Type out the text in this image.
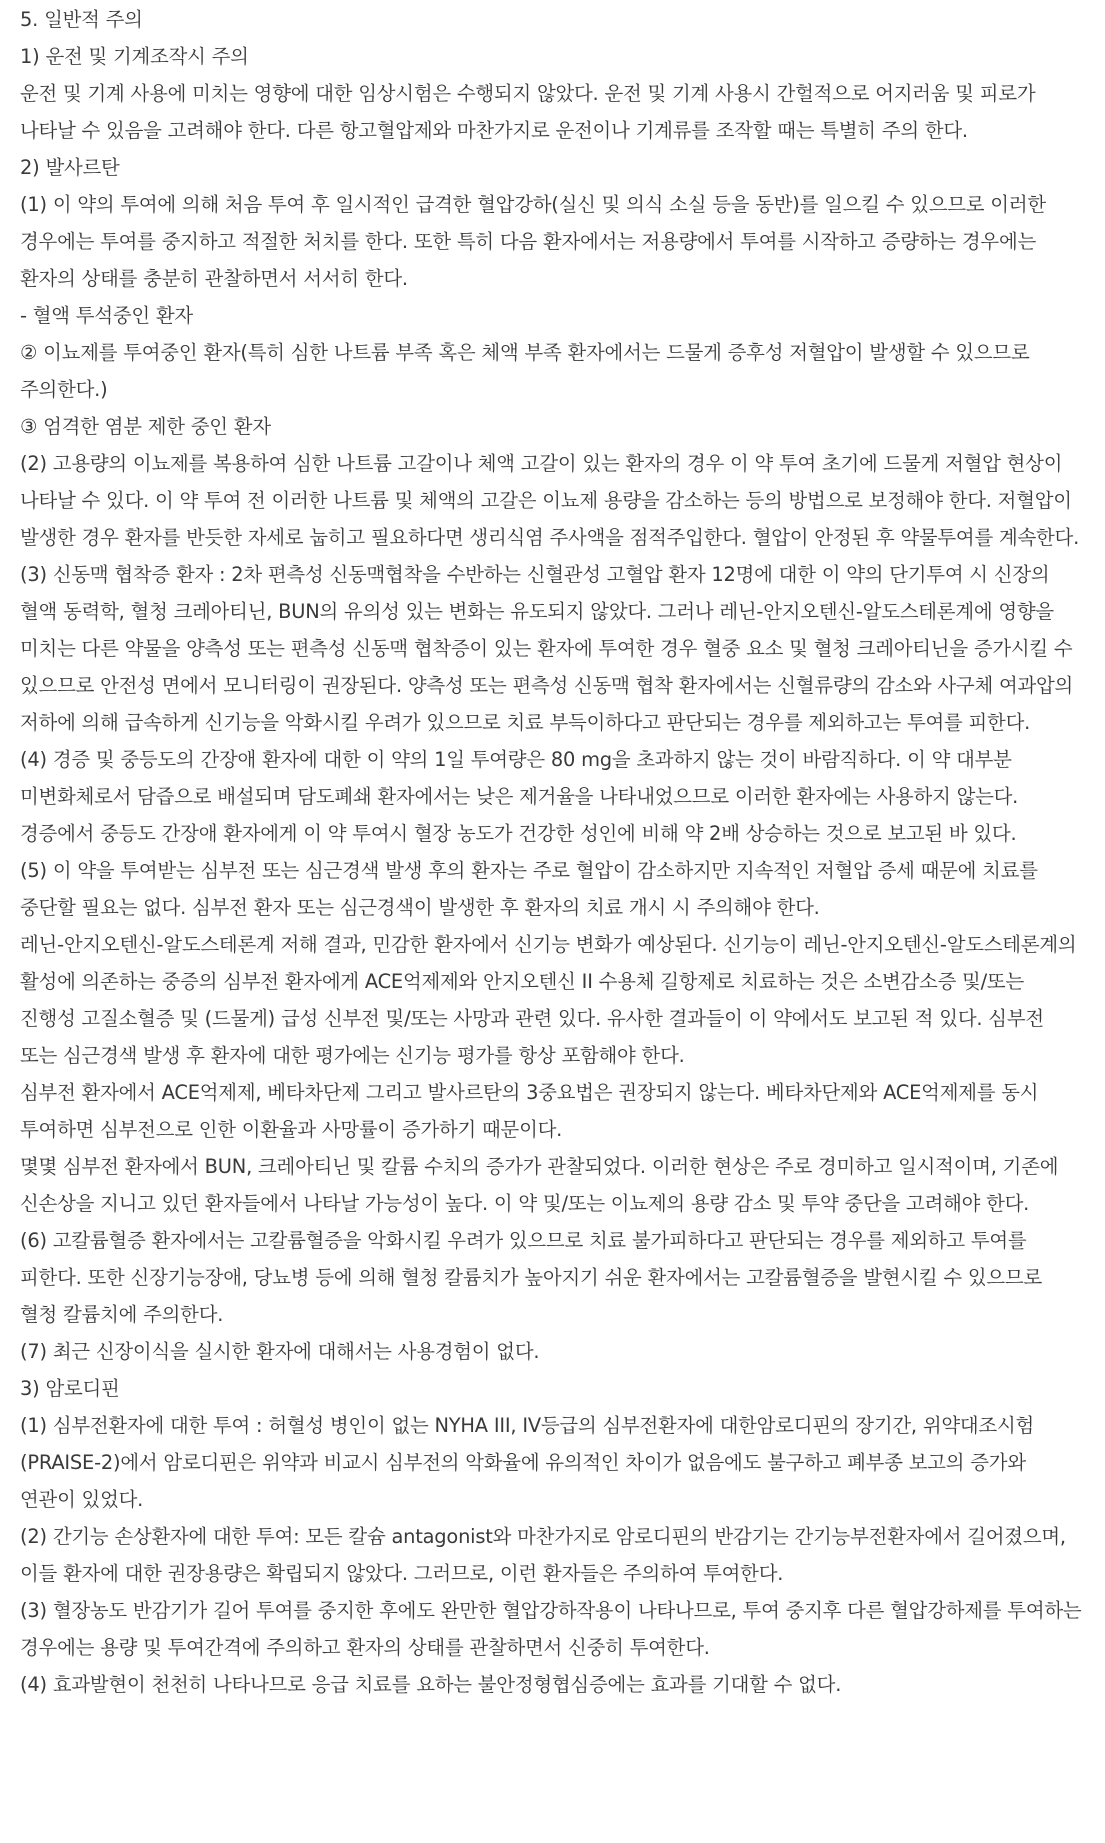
5. 일반적 주의

1) 운전 및 기계조작시 주의

운전 및 기계 사용에 미치는 영향에 대한 임상시험은 수행되지 않았다. 운전 및 기계 사용시 간헐적으로 어지러움 및 피로가 나타날 수 있음을 고려해야 한다. 다른 항고혈압제와 마찬가지로 운전이나 기계류를 조작할 때는 특별히 주의 한다.

2) 발사르탄

(1) 이 약의 투여에 의해 처음 투여 후 일시적인 급격한 혈압강하(실신 및 의식 소실 등을 동반)를 일으킬 수 있으므로 이러한 경우에는 투여를 중지하고 적절한 처치를 한다. 또한 특히 다음 환자에서는 저용량에서 투여를 시작하고 증량하는 경우에는 환자의 상태를 충분히 관찰하면서 서서히 한다.

- 혈액 투석중인 환자

② 이뇨제를 투여중인 환자(특히 심한 나트륨 부족 혹은 체액 부족 환자에서는 드물게 증후성 저혈압이 발생할 수 있으므로 주의한다.)

③ 엄격한 염분 제한 중인 환자

(2) 고용량의 이뇨제를 복용하여 심한 나트륨 고갈이나 체액 고갈이 있는 환자의 경우 이 약 투여 초기에 드물게 저혈압 현상이 나타날 수 있다. 이 약 투여 전 이러한 나트륨 및 체액의 고갈은 이뇨제 용량을 감소하는 등의 방법으로 보정해야 한다. 저혈압이 발생한 경우 환자를 반듯한 자세로 눕히고 필요하다면 생리식염 주사액을 점적주입한다. 혈압이 안정된 후 약물투여를 계속한다.

(3) 신동맥 협착증 환자 : 2차 편측성 신동맥협착을 수반하는 신혈관성 고혈압 환자 12명에 대한 이 약의 단기투여 시 신장의 혈액 동력학, 혈청 크레아티닌, BUN의 유의성 있는 변화는 유도되지 않았다. 그러나 레닌-안지오텐신-알도스테론계에 영향을 미치는 다른 약물을 양측성 또는 편측성 신동맥 협착증이 있는 환자에 투여한 경우 혈중 요소 및 혈청 크레아티닌을 증가시킬 수 있으므로 안전성 면에서 모니터링이 권장된다. 양측성 또는 편측성 신동맥 협착 환자에서는 신혈류량의 감소와 사구체 여과압의 저하에 의해 급속하게 신기능을 악화시킬 우려가 있으므로 치료 부득이하다고 판단되는 경우를 제외하고는 투여를 피한다.

(4) 경증 및 중등도의 간장애 환자에 대한 이 약의 1일 투여량은 80 mg을 초과하지 않는 것이 바람직하다. 이 약 대부분 미변화체로서 담즙으로 배설되며 담도폐쇄 환자에서는 낮은 제거율을 나타내었으므로 이러한 환자에는 사용하지 않는다. 경증에서 중등도 간장애 환자에게 이 약 투여시 혈장 농도가 건강한 성인에 비해 약 2배 상승하는 것으로 보고된 바 있다.

(5) 이 약을 투여받는 심부전 또는 심근경색 발생 후의 환자는 주로 혈압이 감소하지만 지속적인 저혈압 증세 때문에 치료를 중단할 필요는 없다. 심부전 환자 또는 심근경색이 발생한 후 환자의 치료 개시 시 주의해야 한다.

레닌-안지오텐신-알도스테론계 저해 결과, 민감한 환자에서 신기능 변화가 예상된다. 신기능이 레닌-안지오텐신-알도스테론계의 활성에 의존하는 중증의 심부전 환자에게 ACE억제제와 안지오텐신 II 수용체 길항제로 치료하는 것은 소변감소증 및/또는 진행성 고질소혈증 및 (드물게) 급성 신부전 및/또는 사망과 관련 있다. 유사한 결과들이 이 약에서도 보고된 적 있다. 심부전 또는 심근경색 발생 후 환자에 대한 평가에는 신기능 평가를 항상 포함해야 한다.

심부전 환자에서 ACE억제제, 베타차단제 그리고 발사르탄의 3중요법은 권장되지 않는다. 베타차단제와 ACE억제제를 동시 투여하면 심부전으로 인한 이환율과 사망률이 증가하기 때문이다.

몇몇 심부전 환자에서 BUN, 크레아티닌 및 칼륨 수치의 증가가 관찰되었다. 이러한 현상은 주로 경미하고 일시적이며, 기존에 신손상을 지니고 있던 환자들에서 나타날 가능성이 높다. 이 약 및/또는 이뇨제의 용량 감소 및 투약 중단을 고려해야 한다.

(6) 고칼륨혈증 환자에서는 고칼륨혈증을 악화시킬 우려가 있으므로 치료 불가피하다고 판단되는 경우를 제외하고 투여를 피한다. 또한 신장기능장애, 당뇨병 등에 의해 혈청 칼륨치가 높아지기 쉬운 환자에서는 고칼륨혈증을 발현시킬 수 있으므로 혈청 칼륨치에 주의한다.

(7) 최근 신장이식을 실시한 환자에 대해서는 사용경험이 없다.

3) 암로디핀

(1) 심부전환자에 대한 투여 : 허혈성 병인이 없는 NYHA III, IV등급의 심부전환자에 대한암로디핀의 장기간, 위약대조시험(PRAISE-2)에서 암로디핀은 위약과 비교시 심부전의 악화율에 유의적인 차이가 없음에도 불구하고 폐부종 보고의 증가와 연관이 있었다.

(2) 간기능 손상환자에 대한 투여: 모든 칼슘 antagonist와 마찬가지로 암로디핀의 반감기는 간기능부전환자에서 길어졌으며, 이들 환자에 대한 권장용량은 확립되지 않았다. 그러므로, 이런 환자들은 주의하여 투여한다.

(3) 혈장농도 반감기가 길어 투여를 중지한 후에도 완만한 혈압강하작용이 나타나므로, 투여 중지후 다른 혈압강하제를 투여하는 경우에는 용량 및 투여간격에 주의하고 환자의 상태를 관찰하면서 신중히 투여한다.

(4) 효과발현이 천천히 나타나므로 응급 치료를 요하는 불안정형협심증에는 효과를 기대할 수 없다.
